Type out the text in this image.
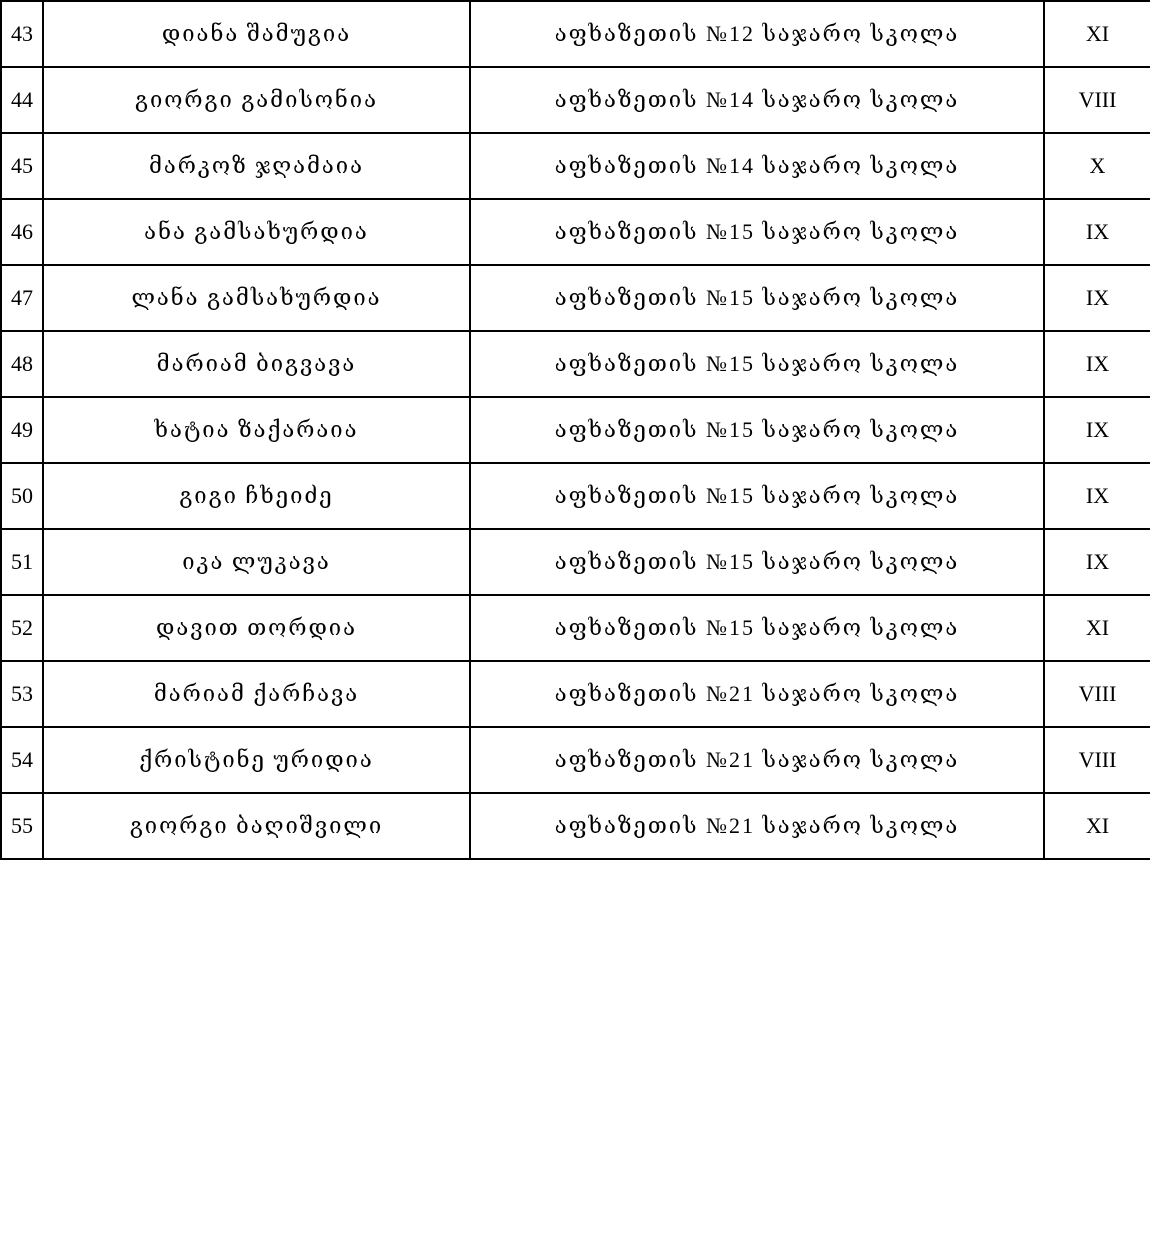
43	დიანა შამუგია	აფხაზეთის №12 საჯარო სკოლა	XI
44	გიორგი გამისონია	აფხაზეთის №14 საჯარო სკოლა	VIII
45	მარკოზ ჯღამაია	აფხაზეთის №14 საჯარო სკოლა	X
46	ანა გამსახურდია	აფხაზეთის №15 საჯარო სკოლა	IX
47	ლანა გამსახურდია	აფხაზეთის №15 საჯარო სკოლა	IX
48	მარიამ ბიგვავა	აფხაზეთის №15 საჯარო სკოლა	IX
49	ხატია ზაქარაია	აფხაზეთის №15 საჯარო სკოლა	IX
50	გიგი ჩხეიძე	აფხაზეთის №15 საჯარო სკოლა	IX
51	იკა ლუკავა	აფხაზეთის №15 საჯარო სკოლა	IX
52	დავით თორდია	აფხაზეთის №15 საჯარო სკოლა	XI
53	მარიამ ქარჩავა	აფხაზეთის №21 საჯარო სკოლა	VIII
54	ქრისტინე ურიდია	აფხაზეთის №21 საჯარო სკოლა	VIII
55	გიორგი ბაღიშვილი	აფხაზეთის №21 საჯარო სკოლა	XI
